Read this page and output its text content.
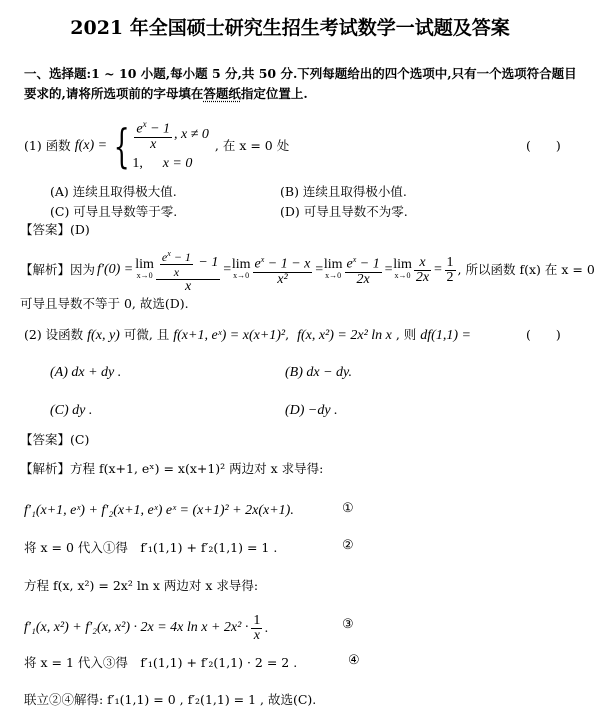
2021 年全国硕士研究生招生考试数学一试题及答案
一、选择题:1 ~ 10 小题,每小题 5 分,共 50 分.下列每题给出的四个选项中,只有一个选项符合题目
要求的,请将所选项前的字母填在答题纸指定位置上.
(1) 函数 f(x) = { $\frac{e^x - 1}{x}$ , x ≠ 0
1, x = 0
, 在 x = 0 处	(　　)
(A) 连续且取得极大值.	(B) 连续且取得极小值.
(C) 可导且导数等于零.	(D) 可导且导数不为零.
【答案】(D)
【解析】因为 f′(0) = lim
$x\to 0 \frac{\frac{e^x - 1}{x} - 1}{x} = \lim$
$x\to 0 \frac{e^x - 1 - x}{\text{x²}} = \lim$
$x\to 0 \frac{e^x - 1}{2x} = \lim$
$x\to 0 \frac{x}{2x} = \frac{1}{2}$ , 所以函数 f(x) 在 x = 0
可导且导数不等于 0, 故选(D).
(2) 设函数 f(x, y) 可微, 且 f(x+1, eˣ) = x(x+1)²,  f(x, x²) = 2x² ln x , 则 df(1,1) =	(　　)
(A) dx + dy .	(B) dx − dy.
(C) dy .	(D) −dy .
【答案】(C)
【解析】方程 f(x+1, eˣ) = x(x+1)² 两边对 x 求导得:
f′₁(x+1, eˣ) + f′₂(x+1, eˣ) eˣ = (x+1)² + 2x(x+1).	①
将 x = 0 代入①得　f′₁(1,1) + f′₂(1,1) = 1 .	②
方程 f(x, x²) = 2x² ln x 两边对 x 求导得:
f′₁(x, x²) + f′₂(x, x²) · 2x = 4x $\ln x + 2x^2 \cdot \frac{1}{x}$ .	③
将 x = 1 代入③得　f′₁(1,1) + f′₂(1,1) · 2 = 2 .	④
联立②④解得: f′₁(1,1) = 0 , f′₂(1,1) = 1 , 故选(C).
